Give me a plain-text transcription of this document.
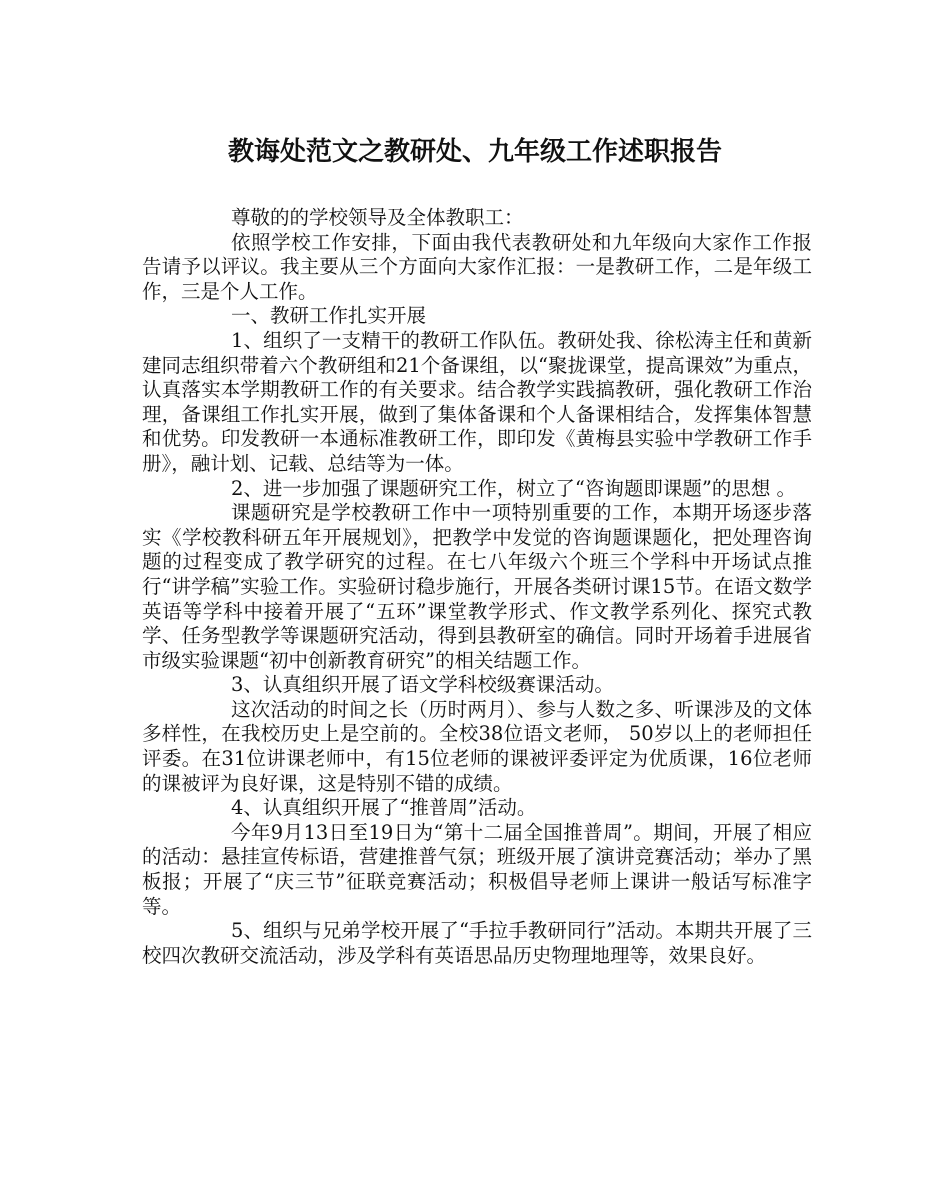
教诲处范文之教研处、九年级工作述职报告

尊敬的的学校领导及全体教职工：

依照学校工作安排，下面由我代表教研处和九年级向大家作工作报告请予以评议。我主要从三个方面向大家作汇报：一是教研工作，二是年级工作，三是个人工作。

一、教研工作扎实开展

1、组织了一支精干的教研工作队伍。教研处我、徐松涛主任和黄新建同志组织带着六个教研组和21个备课组，以“聚拢课堂，提高课效”为重点，认真落实本学期教研工作的有关要求。结合教学实践搞教研，强化教研工作治理，备课组工作扎实开展，做到了集体备课和个人备课相结合，发挥集体智慧和优势。印发教研一本通标准教研工作，即印发《黄梅县实验中学教研工作手册》，融计划、记载、总结等为一体。

2、进一步加强了课题研究工作，树立了“咨询题即课题”的思想 。

课题研究是学校教研工作中一项特别重要的工作，本期开场逐步落实《学校教科研五年开展规划》，把教学中发觉的咨询题课题化，把处理咨询题的过程变成了教学研究的过程。在七八年级六个班三个学科中开场试点推行“讲学稿”实验工作。实验研讨稳步施行，开展各类研讨课15节。在语文数学英语等学科中接着开展了“五环”课堂教学形式、作文教学系列化、探究式教学、任务型教学等课题研究活动，得到县教研室的确信。同时开场着手进展省市级实验课题“初中创新教育研究”的相关结题工作。

3、认真组织开展了语文学科校级赛课活动。

这次活动的时间之长（历时两月）、参与人数之多、听课涉及的文体多样性，在我校历史上是空前的。全校38位语文老师， 50岁以上的老师担任评委。在31位讲课老师中，有15位老师的课被评委评定为优质课，16位老师的课被评为良好课，这是特别不错的成绩。

4、认真组织开展了“推普周”活动。

今年9月13日至19日为“第十二届全国推普周”。期间，开展了相应的活动：悬挂宣传标语，营建推普气氛；班级开展了演讲竞赛活动；举办了黑板报；开展了“庆三节”征联竞赛活动；积极倡导老师上课讲一般话写标准字等。

5、组织与兄弟学校开展了“手拉手教研同行”活动。本期共开展了三校四次教研交流活动，涉及学科有英语思品历史物理地理等，效果良好。
